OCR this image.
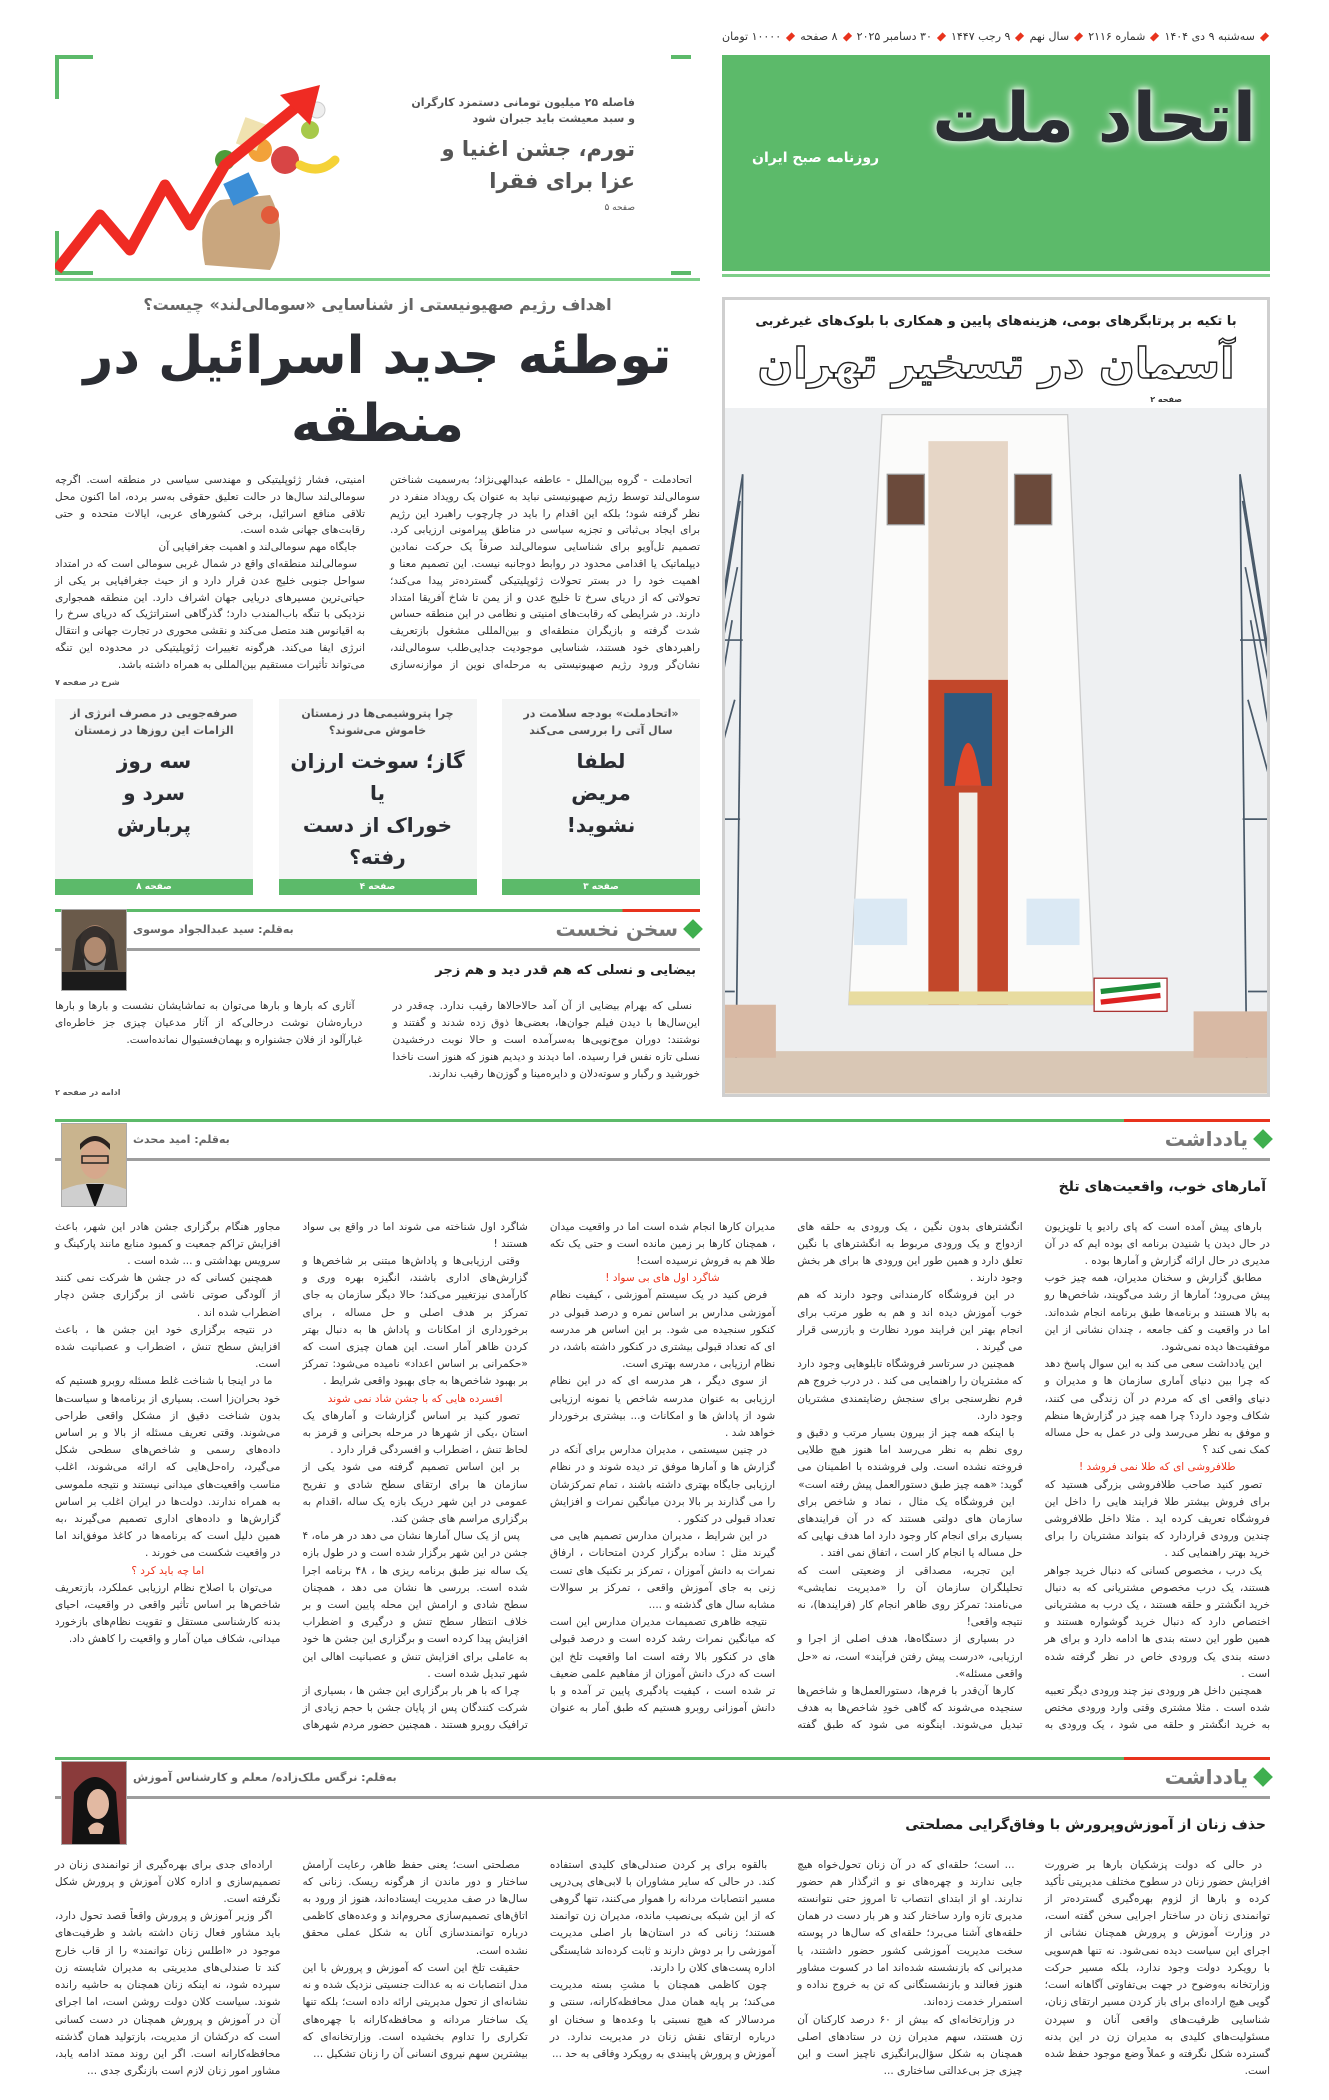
فاصله ۲۵ میلیون تومانی دستمزد کارگران و سبد معیشت باید جبران شود
تورم، جشن اغنیا و عزا برای فقرا
صفحه ۵
اهداف رژیم صهیونیستی از شناسایی «سومالی‌لند» چیست؟
توطئه جدید اسرائیل در منطقه

اتحادملت - گروه بین‌الملل - عاطفه عبدالهی‌نژاد؛ به‌رسمیت شناختن سومالی‌لند توسط رژیم صهیونیستی نباید به عنوان یک رویداد منفرد در نظر گرفته شود؛ بلکه این اقدام را باید در چارچوب راهبرد این رژیم برای ایجاد بی‌ثباتی و تجزیه سیاسی در مناطق پیرامونی ارزیابی کرد. تصمیم تل‌آویو برای شناسایی سومالی‌لند صرفاً یک حرکت نمادین دیپلماتیک یا اقدامی محدود در روابط دوجانبه نیست. این تصمیم معنا و اهمیت خود را در بستر تحولات ژئوپلیتیکی گسترده‌تر پیدا می‌کند؛ تحولاتی که از دریای سرخ تا خلیج عدن و از یمن تا شاخ آفریقا امتداد دارند. در شرایطی که رقابت‌های امنیتی و نظامی در این منطقه حساس شدت گرفته و بازیگران منطقه‌ای و بین‌المللی مشغول بازتعریف راهبردهای خود هستند، شناسایی موجودیت جدایی‌طلب سومالی‌لند، نشان‌گر ورود رژیم صهیونیستی به مرحله‌ای نوین از موازنه‌سازی امنیتی، فشار ژئوپلیتیکی و مهندسی سیاسی در منطقه است. اگرچه سومالی‌لند سال‌ها در حالت تعلیق حقوقی به‌سر برده، اما اکنون محل تلاقی منافع اسرائیل، برخی کشورهای عربی، ایالات متحده و حتی رقابت‌های جهانی شده است.

جایگاه مهم سومالی‌لند و اهمیت جغرافیایی آن

سومالی‌لند منطقه‌ای واقع در شمال غربی سومالی است که در امتداد سواحل جنوبی خلیج عدن قرار دارد و از حیث جغرافیایی بر یکی از حیاتی‌ترین مسیرهای دریایی جهان اشراف دارد. این منطقه همجواری نزدیکی با تنگه باب‌المندب دارد؛ گذرگاهی استراتژیک که دریای سرخ را به اقیانوس هند متصل می‌کند و نقشی محوری در تجارت جهانی و انتقال انرژی ایفا می‌کند. هرگونه تغییرات ژئوپلیتیکی در محدوده این تنگه می‌تواند تأثیرات مستقیم بین‌المللی به همراه داشته باشد.

شرح در صفحه ۷
«اتحادملت» بودجه سلامت در سال آتی را بررسی می‌کند
لطفا
مریض
نشوید!
صفحه ۳
چرا پتروشیمی‌ها در زمستان خاموش می‌شوند؟
گاز؛ سوخت ارزان
یا
خوراک از دست رفته؟
صفحه ۴
صرفه‌جویی در مصرف انرژی از الزامات این روزها در زمستان
سه روز
سرد و
پربارش
صفحه ۸
سخن نخست
به‌قلم: سید عبدالجواد موسوی
بیضایی و نسلی که هم قدر دید و هم زجر

نسلی که بهرام بیضایی از آن آمد حالاحالاها رقیب ندارد. چه‌قدر در این‌سال‌ها با دیدن فیلم جوان‌ها، بعضی‌ها ذوق زده شدند و گفتند و نوشتند: دوران موج‌نویی‌ها به‌سرآمده است و حالا نوبت درخشیدن نسلی تازه نفس فرا رسیده. اما دیدند و دیدیم هنوز که هنوز است ناخدا خورشید و رگبار و سوته‌دلان و دایره‌مینا و گوزن‌ها رقیب ندارند.

آثاری که بارها و بارها می‌توان به تماشایشان نشست و بارها و بارها درباره‌شان نوشت درحالی‌که از آثار مدعیان چیزی جز خاطره‌ای غبارآلود از فلان جشنواره و بهمان‌فستیوال نمانده‌است.

ادامه در صفحه ۲
سه‌شنبه ۹ دی ۱۴۰۴
شماره ۲۱۱۶
سال نهم
۹ رجب ۱۴۴۷
۳۰ دسامبر ۲۰۲۵
۸ صفحه
۱۰۰۰۰ تومان
اتحاد ملت
روزنامه صبح ایران
با تکیه بر پرتابگرهای بومی، هزینه‌های پایین و همکاری با بلوک‌های غیرغربی
آسمان در تسخیر تهران
صفحه ۲
یادداشت
به‌قلم: امید محدث
آمارهای خوب، واقعیت‌های تلخ

بارهای پیش آمده است که پای رادیو یا تلویزیون در حال دیدن یا شنیدن برنامه ای بوده ایم که در آن مدیری در حال ارائه گزارش و آمارها بوده .

مطابق گزارش و سخنان مدیران، همه چیز خوب پیش می‌رود؛ آمارها از رشد می‌گویند، شاخص‌ها رو به بالا هستند و برنامه‌ها طبق برنامه انجام شده‌اند. اما در واقعیت و کف جامعه ، چندان نشانی از این موفقیت‌ها دیده نمی‌شود.

این یادداشت سعی می کند به این سوال پاسخ دهد که چرا بین دنیای آماری سازمان ها و مدیران و دنیای واقعی ای که مردم در آن زندگی می کنند، شکاف وجود دارد؟ چرا همه چیز در گزارش‌ها منظم و موفق به نظر می‌رسد ولی در عمل به حل مساله کمک نمی کند ؟

طلافروشی ای که طلا نمی فروشد !

تصور کنید صاحب طلافروشی بزرگی هستید که برای فروش بیشتر طلا فرایند هایی را داخل این فروشگاه تعریف کرده اید . مثلا داخل طلافروشی چندین ورودی قراردارد که بتواند مشتریان را برای خرید بهتر راهنمایی کند .

یک درب ، مخصوص کسانی که دنبال خرید جواهر هستند، یک درب مخصوص مشتریانی که به دنبال خرید انگشتر و حلقه هستند ، یک درب به مشتریانی اختصاص دارد که دنبال خرید گوشواره هستند و همین طور این دسته بندی ها ادامه دارد و برای هر دسته بندی یک ورودی خاص در نظر گرفته شده است .

همچنین داخل هر ورودی نیز چند ورودی دیگر تعبیه شده است . مثلا مشتری وقتی وارد ورودی مختص به خرید انگشتر و حلقه می شود ، یک ورودی به انگشترهای بدون نگین ، یک ورودی به حلقه های ازدواج و یک ورودی مربوط به انگشترهای با نگین تعلق دارد و همین طور این ورودی ها برای هر بخش وجود دارند .

در این فروشگاه کارمندانی وجود دارند که هم خوب آموزش دیده اند و هم به طور مرتب برای انجام بهتر این فرایند مورد نظارت و بازرسی قرار می گیرند .

همچنین در سرتاسر فروشگاه تابلوهایی وجود دارد که مشتریان را راهنمایی می کند . در درب خروج هم فرم نظرسنجی برای سنجش رضایتمندی مشتریان وجود دارد.

با اینکه همه چیز از بیرون بسیار مرتب و دقیق و روی نظم به نظر می‌رسد اما هنوز هیچ طلایی فروخته نشده است. ولی فروشنده با اطمینان می گوید: «همه چیز طبق دستورالعمل پیش رفته است»

این فروشگاه یک مثال ، نماد و شاخص برای سازمان های دولتی هستند که در آن فرایندهای بسیاری برای انجام کار وجود دارد اما هدف نهایی که حل مساله یا انجام کار است ، اتفاق نمی افتد .

این تجربه، مصداقی از وضعیتی است که تحلیلگران سازمان آن را «مدیریت نمایشی» می‌نامند: تمرکز روی ظاهر انجام کار (فرایندها)، نه نتیجه واقعی!

در بسیاری از دستگاه‌ها، هدف اصلی از اجرا و ارزیابی، «درست پیش رفتن فرآیند» است، نه «حل واقعی مسئله».

کارها آن‌قدر با فرم‌ها، دستورالعمل‌ها و شاخص‌ها سنجیده می‌شوند که گاهی خودِ شاخص‌ها به هدف تبدیل می‌شوند. اینگونه می شود که طبق گفته مدیران کارها انجام شده است اما در واقعیت میدان ، همچنان کارها بر زمین مانده است و حتی یک تکه طلا هم به فروش نرسیده است!

شاگرد اول های بی سواد !

فرض کنید در یک سیستم آموزشی ، کیفیت نظام آموزشی مدارس بر اساس نمره و درصد قبولی در کنکور سنجیده می شود. بر این اساس هر مدرسه ای که تعداد قبولی بیشتری در کنکور داشته باشد، در نظام ارزیابی ، مدرسه بهتری است.

از سوی دیگر ، هر مدرسه ای که در این نظام ارزیابی به عنوان مدرسه شاخص یا نمونه ارزیابی شود از پاداش ها و امکانات و... بیشتری برخوردار خواهد شد .

در چنین سیستمی ، مدیران مدارس برای آنکه در گزارش ها و آمارها موفق تر دیده شوند و در نظام ارزیابی جایگاه بهتری داشته باشند ، تمام تمرکزشان را می گذارند بر بالا بردن میانگین نمرات و افزایش تعداد قبولی در کنکور .

در این شرایط ، مدیران مدارس تصمیم هایی می گیرند مثل : ساده برگزار کردن امتحانات ، ارفاق نمرات به دانش آموزان ، تمرکز بر تکنیک های تست زنی به جای آموزش واقعی ، تمرکز بر سوالات مشابه سال های گذشته و ....

نتیجه ظاهری تصمیمات مدیران مدارس این است که میانگین نمرات رشد کرده است و درصد قبولی های در کنکور بالا رفته است اما واقعیت تلخ این است که درک دانش آموزان از مفاهیم علمی ضعیف تر شده است ، کیفیت یادگیری پایین تر آمده و با دانش آموزانی روبرو هستیم که طبق آمار به عنوان شاگرد اول شناخته می شوند اما در واقع بی سواد هستند !

وقتی ارزیابی‌ها و پاداش‌ها مبتنی بر شاخص‌ها و گزارش‌های اداری باشند، انگیزه بهره وری و کارآمدی نیزتغییر می‌کند؛ حالا دیگر سازمان به جای تمرکز بر هدف اصلی و حل مساله ، برای برخورداری از امکانات و پاداش ها به دنبال بهتر کردن ظاهر آمار است. این همان چیزی است که «حکمرانی بر اساس اعداد» نامیده می‌شود: تمرکز بر بهبود شاخص‌ها به جای بهبود واقعی شرایط .

افسرده هایی که با جشن شاد نمی شوند

تصور کنید بر اساس گزارشات و آمارهای یک استان ،یکی از شهرها در مرحله بحرانی و قرمز به لحاظ تنش ، اضطراب و افسردگی قرار دارد .

بر این اساس تصمیم گرفته می شود یکی از سازمان ها برای ارتقای سطح شادی و تفریح عمومی در این شهر دریک بازه یک ساله ،اقدام به برگزاری مراسم های جشن کند.

پس از یک سال آمارها نشان می دهد در هر ماه، ۴ جشن در این شهر برگزار شده است و در طول بازه یک ساله نیز طبق برنامه ریزی ها ، ۴۸ برنامه اجرا شده است. بررسی ها نشان می دهد ، همچنان سطح شادی و ارامش این محله پایین است و بر خلاف انتظار سطح تنش و درگیری و اضطراب افزایش پیدا کرده است و برگزاری این جشن ها خود به عاملی برای افزایش تنش و عصبانیت اهالی این شهر تبدیل شده است .

چرا که با هر بار برگزاری این جشن ها ، بسیاری از شرکت کنندگان پس از پایان جشن با حجم زیادی از ترافیک روبرو هستند . همچنین حضور مردم شهرهای مجاور هنگام برگزاری جشن هادر این شهر، باعث افزایش تراکم جمعیت و کمبود منابع مانند پارکینگ و سرویس بهداشتی و ... شده است .

همچنین کسانی که در جشن ها شرکت نمی کنند از آلودگی صوتی ناشی از برگزاری جشن دچار اضطراب شده اند .

در نتیجه برگزاری خود این جشن ها ، باعث افزایش سطح تنش ، اضطراب و عصبانیت شده است.

ما در اینجا با شناخت غلط مسئله روبرو هستیم که خود بحران‌زا است. بسیاری از برنامه‌ها و سیاست‌ها بدون شناخت دقیق از مشکل واقعی طراحی می‌شوند. وقتی تعریف مسئله از بالا و بر اساس داده‌های رسمی و شاخص‌های سطحی شکل می‌گیرد، راه‌حل‌هایی که ارائه می‌شوند، اغلب مناسب واقعیت‌های میدانی نیستند و نتیجه ملموسی به همراه ندارند. دولت‌ها در ایران اغلب بر اساس گزارش‌ها و داده‌های اداری تصمیم می‌گیرند ،به همین دلیل است که برنامه‌ها در کاغذ موفق‌اند اما در واقعیت شکست می خورند .

اما چه باید کرد ؟

می‌توان با اصلاح نظام ارزیابی عملکرد، بازتعریف شاخص‌ها بر اساس تأثیر واقعی در واقعیت، احیای بدنه کارشناسی مستقل و تقویت نظام‌های بازخورد میدانی، شکاف میان آمار و واقعیت را کاهش داد.

یادداشت
به‌قلم: نرگس ملک‌زاده/ معلم و کارشناس آموزش
حذف زنان از آموزش‌وپرورش با وفاق‌گرایی مصلحتی

در حالی که دولت پزشکیان بارها بر ضرورت افزایش حضور زنان در سطوح مختلف مدیریتی تأکید کرده و بارها از لزوم بهره‌گیری گسترده‌تر از توانمندی زنان در ساختار اجرایی سخن گفته است، در وزارت آموزش و پرورش همچنان نشانی از اجرای این سیاست دیده نمی‌شود. نه تنها هم‌سویی با رویکرد دولت وجود ندارد، بلکه مسیر حرکت وزارتخانه به‌وضوح در جهت بی‌تفاوتی آگاهانه است؛ گویی هیچ اراده‌ای برای باز کردن مسیر ارتقای زنان، شناسایی ظرفیت‌های واقعی آنان و سپردن مسئولیت‌های کلیدی به مدیران زن در این بدنه گسترده شکل نگرفته و عملاً وضع موجود حفظ شده است.

... است؛ حلقه‌ای که در آن زنان تحول‌خواه هیچ جایی ندارند و چهره‌های نو و اثرگذار هم حضور ندارند. او از ابتدای انتصاب تا امروز حتی نتوانسته مدیری تازه وارد ساختار کند و هر بار دست در همان حلقه‌های آشنا می‌برد؛ حلقه‌ای که سال‌ها در پوسته سخت مدیریت آموزشی کشور حضور داشتند، یا مدیرانی که بازنشسته شده‌اند اما در کسوت مشاور هنوز فعالند و بازنشستگانی که تن به خروج نداده و استمرار خدمت زده‌اند.

در وزارتخانه‌ای که بیش از ۶۰ درصد کارکنان آن زن هستند، سهم مدیران زن در ستادهای اصلی همچنان به شکل سؤال‌برانگیزی ناچیز است و این چیزی جز بی‌عدالتی ساختاری ...

بالقوه برای پر کردن صندلی‌های کلیدی استفاده کند. در حالی که سایر مشاوران با لابی‌های پی‌درپی مسیر انتصابات مردانه را هموار می‌کنند، تنها گروهی که از این شبکه بی‌نصیب مانده، مدیران زن توانمند هستند؛ زنانی که در استان‌ها بار اصلی مدیریت آموزشی را بر دوش دارند و ثابت کرده‌اند شایستگی اداره پست‌های کلان را دارند.

چون کاظمی همچنان با مشتِ بسته مدیریت می‌کند؛ بر پایه همان مدل محافظه‌کارانه، سنتی و مردسالار که هیچ نسبتی با وعده‌ها و سخنان او درباره ارتقای نقش زنان در مدیریت ندارد. در آموزش و پرورش پایبندی به رویکرد وفاقی به حد ...

مصلحتی است؛ یعنی حفظ ظاهر، رعایت آرامش ساختار و دور ماندن از هرگونه ریسک. زنانی که سال‌ها در صف مدیریت ایستاده‌اند، هنوز از ورود به اتاق‌های تصمیم‌سازی محروم‌اند و وعده‌های کاظمی درباره توانمندسازی آنان به شکل عملی محقق نشده است.

حقیقت تلخ این است که آموزش و پرورش با این مدل انتصابات نه به عدالت جنسیتی نزدیک شده و نه نشانه‌ای از تحول مدیریتی ارائه داده است؛ بلکه تنها یک ساختار مردانه و محافظه‌کارانه با چهره‌های تکراری را تداوم بخشیده است. وزارتخانه‌ای که بیشترین سهم نیروی انسانی آن را زنان تشکیل ...

اراده‌ای جدی برای بهره‌گیری از توانمندی زنان در تصمیم‌سازی و اداره کلان آموزش و پرورش شکل نگرفته است.

اگر وزیر آموزش و پرورش واقعاً قصد تحول دارد، باید مشاور فعال زنان داشته باشد و ظرفیت‌های موجود در «اطلس زنان توانمند» را از قاب خارج کند تا صندلی‌های مدیریتی به مدیران شایسته زن سپرده شود، نه اینکه زنان همچنان به حاشیه رانده شوند. سیاست کلان دولت روشن است، اما اجرای آن در آموزش و پرورش همچنان در دست کسانی است که درکشان از مدیریت، بازتولید همان گذشته محافظه‌کارانه است. اگر این روند ممتد ادامه یابد، مشاور امور زنان لازم است بازنگری جدی ...
